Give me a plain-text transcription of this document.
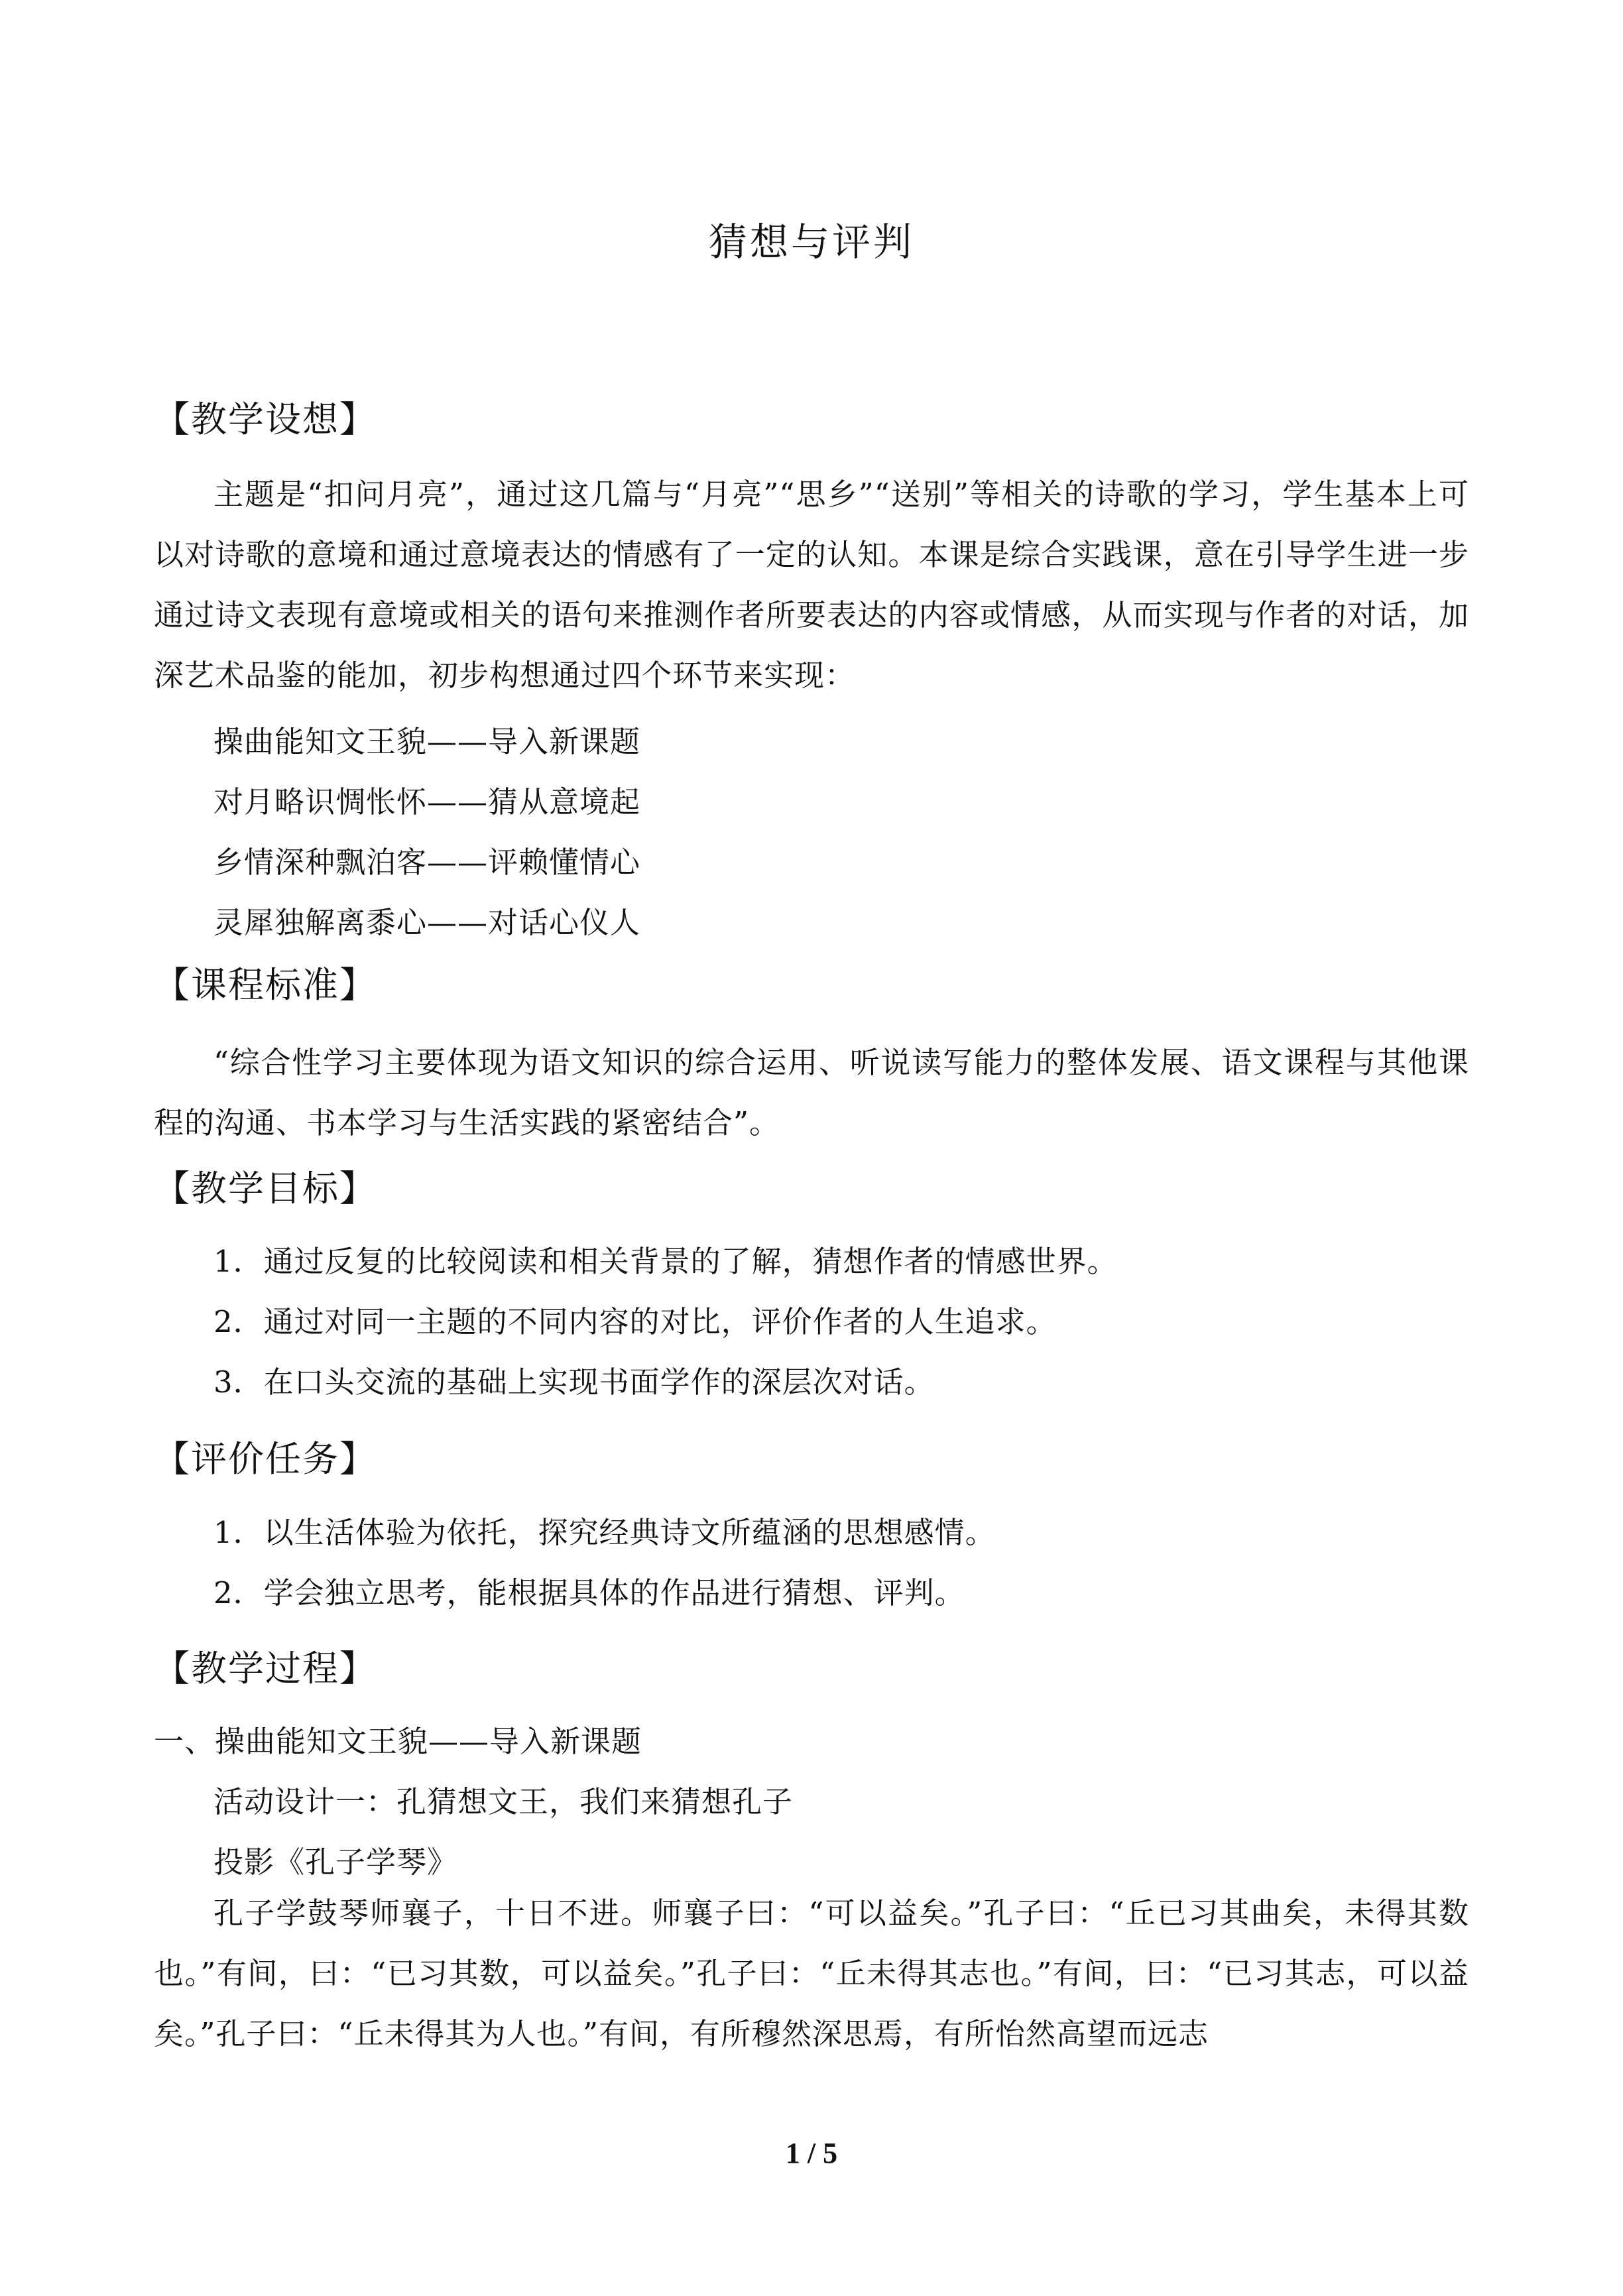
猜想与评判
【教学设想】
主题是“扣问月亮”，通过这几篇与“月亮”“思乡”“送别”等相关的诗歌的学习，学生基本上可以对诗歌的意境和通过意境表达的情感有了一定的认知。本课是综合实践课，意在引导学生进一步通过诗文表现有意境或相关的语句来推测作者所要表达的内容或情感，从而实现与作者的对话，加深艺术品鉴的能加，初步构想通过四个环节来实现：
操曲能知文王貌——导入新课题
对月略识惆怅怀——猜从意境起
乡情深种飘泊客——评赖懂情心
灵犀独解离黍心——对话心仪人
【课程标准】
“综合性学习主要体现为语文知识的综合运用、听说读写能力的整体发展、语文课程与其他课程的沟通、书本学习与生活实践的紧密结合”。
【教学目标】
1．通过反复的比较阅读和相关背景的了解，猜想作者的情感世界。
2．通过对同一主题的不同内容的对比，评价作者的人生追求。
3．在口头交流的基础上实现书面学作的深层次对话。
【评价任务】
1．以生活体验为依托，探究经典诗文所蕴涵的思想感情。
2．学会独立思考，能根据具体的作品进行猜想、评判。
【教学过程】
一、操曲能知文王貌——导入新课题
活动设计一：孔猜想文王，我们来猜想孔子
投影《孔子学琴》
孔子学鼓琴师襄子，十日不进。师襄子曰：“可以益矣。”孔子曰：“丘已习其曲矣，未得其数也。”有间，曰：“已习其数，可以益矣。”孔子曰：“丘未得其志也。”有间，曰：“已习其志，可以益矣。”孔子曰：“丘未得其为人也。”有间，有所穆然深思焉，有所怡然高望而远志
1 / 5
